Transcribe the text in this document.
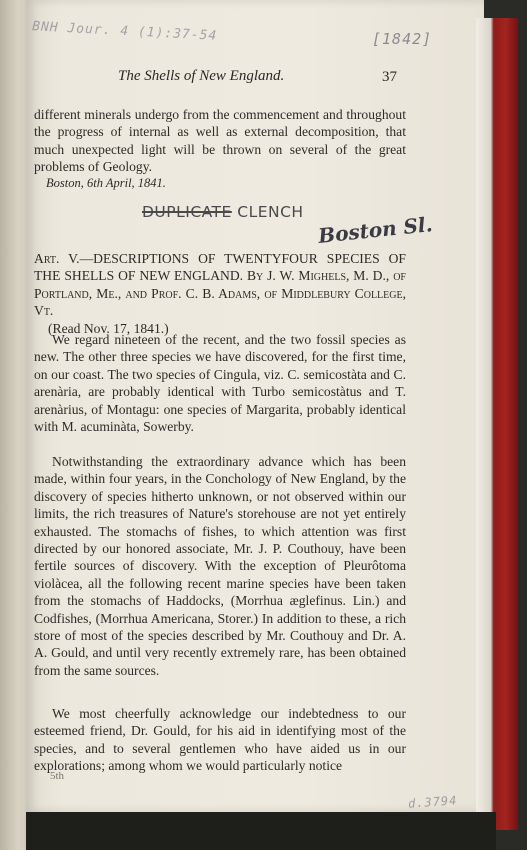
BNH Jour. 4 (1):37-54	[1842]
The Shells of New England.	37

different minerals undergo from the commencement and throughout the progress of internal as well as external decomposition, that much unexpected light will be thrown on several of the great problems of Geology.

Boston, 6th April, 1841.
DUPLICATE CLENCH
Boston Sl.
Art. V.—DESCRIPTIONS OF TWENTYFOUR SPECIES OF THE SHELLS OF NEW ENGLAND. By J. W. Mighels, M. D., of Portland, Me., and Prof. C. B. Adams, of Middlebury College, Vt.
(Read Nov. 17, 1841.)

We regard nineteen of the recent, and the two fossil species as new. The other three species we have discovered, for the first time, on our coast. The two species of Cingula, viz. C. semicostàta and C. arenària, are probably identical with Turbo semicostàtus and T. arenàrius, of Montagu: one species of Margarita, probably identical with M. acuminàta, Sowerby.

Notwithstanding the extraordinary advance which has been made, within four years, in the Conchology of New England, by the discovery of species hitherto unknown, or not observed within our limits, the rich treasures of Nature's storehouse are not yet entirely exhausted. The stomachs of fishes, to which attention was first directed by our honored associate, Mr. J. P. Couthouy, have been fertile sources of discovery. With the exception of Pleurôtoma violàcea, all the following recent marine species have been taken from the stomachs of Haddocks, (Morrhua æglefinus. Lin.) and Codfishes, (Morrhua Americana, Storer.) In addition to these, a rich store of most of the species described by Mr. Couthouy and Dr. A. A. Gould, and until very recently extremely rare, has been obtained from the same sources.

We most cheerfully acknowledge our indebtedness to our esteemed friend, Dr. Gould, for his aid in identifying most of the species, and to several gentlemen who have aided us in our explorations; among whom we would particularly notice

5th
d.3794
